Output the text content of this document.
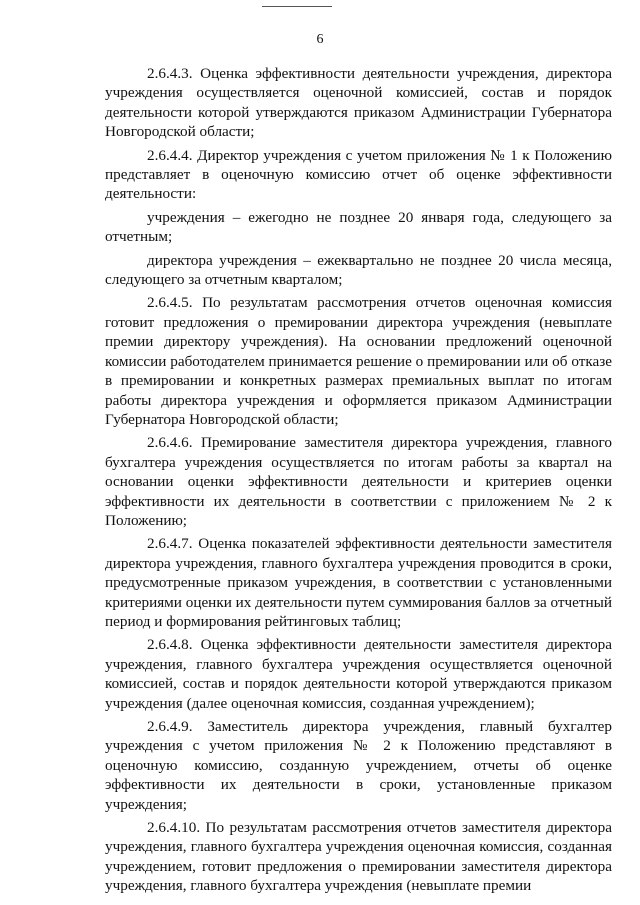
6

2.6.4.3. Оценка эффективности деятельности учреждения, директора учреждения осуществляется оценочной комиссией, состав и порядок деятельности которой утверждаются приказом Администрации Губернатора Новгородской области;

2.6.4.4. Директор учреждения с учетом приложения № 1 к Положению представляет в оценочную комиссию отчет об оценке эффективности деятельности:

учреждения – ежегодно не позднее 20 января года, следующего за отчетным;

директора учреждения – ежеквартально не позднее 20 числа месяца, следующего за отчетным кварталом;

2.6.4.5. По результатам рассмотрения отчетов оценочная комиссия готовит предложения о премировании директора учреждения (невыплате премии директору учреждения). На основании предложений оценочной комиссии работодателем принимается решение о премировании или об отказе в премировании и конкретных размерах премиальных выплат по итогам работы директора учреждения и оформляется приказом Администрации Губернатора Новгородской области;

2.6.4.6. Премирование заместителя директора учреждения, главного бухгалтера учреждения осуществляется по итогам работы за квартал на основании оценки эффективности деятельности и критериев оценки эффективности их деятельности в соответствии с приложением № 2 к Положению;

2.6.4.7. Оценка показателей эффективности деятельности заместителя директора учреждения, главного бухгалтера учреждения проводится в сроки, предусмотренные приказом учреждения, в соответствии с установленными критериями оценки их деятельности путем суммирования баллов за отчетный период и формирования рейтинговых таблиц;

2.6.4.8. Оценка эффективности деятельности заместителя директора учреждения, главного бухгалтера учреждения осуществляется оценочной комиссией, состав и порядок деятельности которой утверждаются приказом учреждения (далее оценочная комиссия, созданная учреждением);

2.6.4.9. Заместитель директора учреждения, главный бухгалтер учреждения с учетом приложения № 2 к Положению представляют в оценочную комиссию, созданную учреждением, отчеты об оценке эффективности их деятельности в сроки, установленные приказом учреждения;

2.6.4.10. По результатам рассмотрения отчетов заместителя директора учреждения, главного бухгалтера учреждения оценочная комиссия, созданная учреждением, готовит предложения о премировании заместителя директора учреждения, главного бухгалтера учреждения (невыплате премии
